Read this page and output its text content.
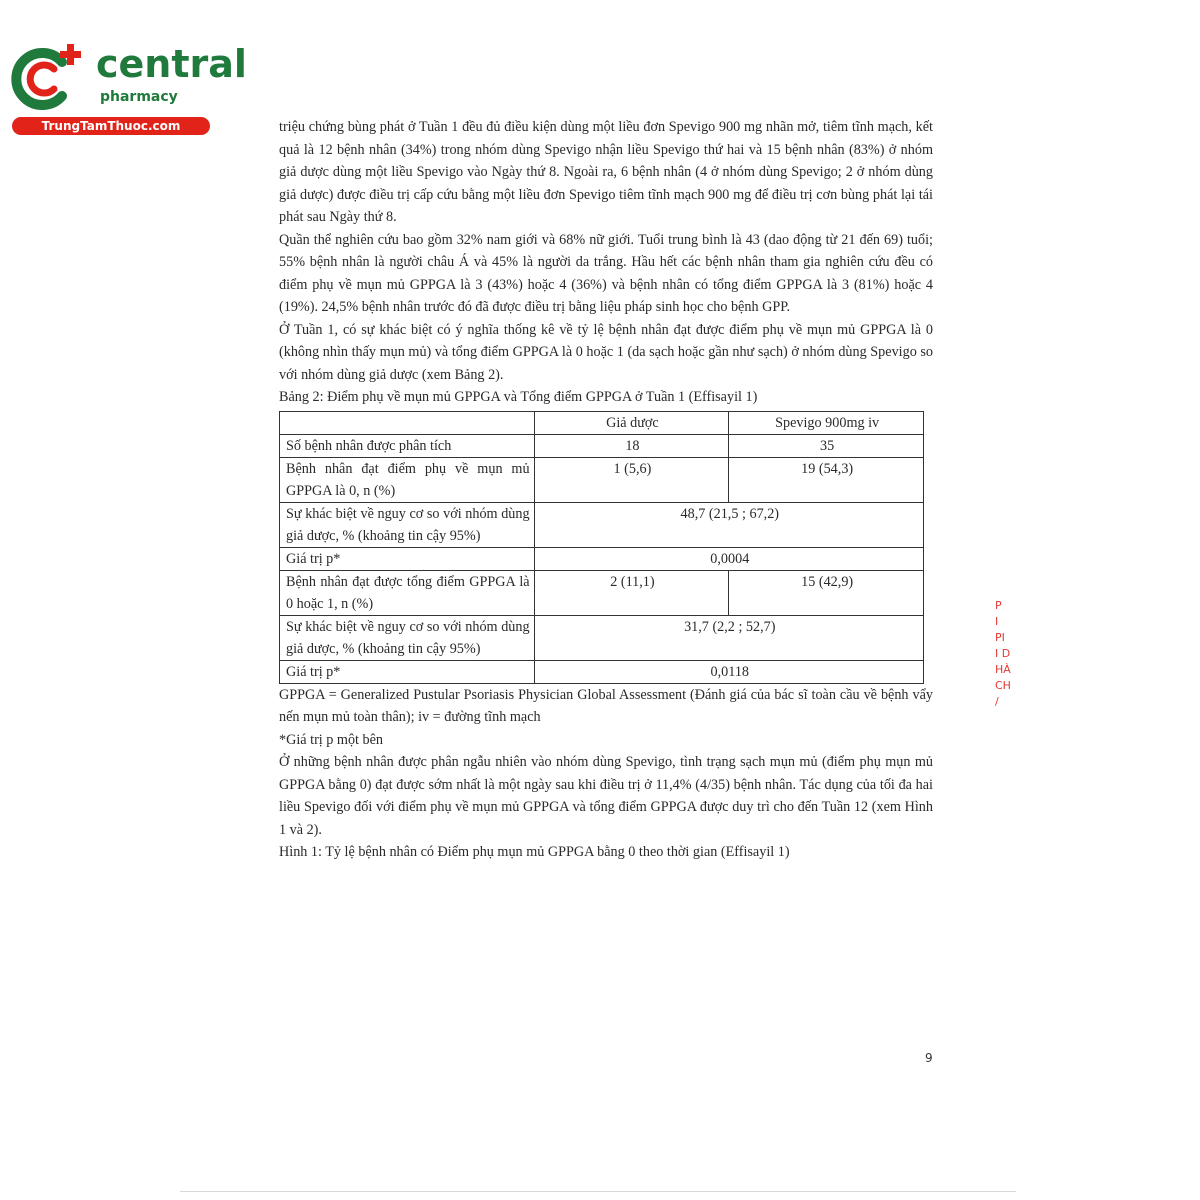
central
pharmacy
TrungTamThuoc.com	triệu chứng bùng phát ở Tuần 1 đều đủ điều kiện dùng một liều đơn Spevigo 900 mg nhãn mở, tiêm tĩnh mạch, kết quả là 12 bệnh nhân (34%) trong nhóm dùng Spevigo nhận liều Spevigo thứ hai và 15 bệnh nhân (83%) ở nhóm giả dược dùng một liều Spevigo vào Ngày thứ 8. Ngoài ra, 6 bệnh nhân (4 ở nhóm dùng Spevigo; 2 ở nhóm dùng giả dược) được điều trị cấp cứu bằng một liều đơn Spevigo tiêm tĩnh mạch 900 mg để điều trị cơn bùng phát lại tái phát sau Ngày thứ 8.

Quần thể nghiên cứu bao gồm 32% nam giới và 68% nữ giới. Tuổi trung bình là 43 (dao động từ 21 đến 69) tuổi; 55% bệnh nhân là người châu Á và 45% là người da trắng. Hầu hết các bệnh nhân tham gia nghiên cứu đều có điểm phụ về mụn mủ GPPGA là 3 (43%) hoặc 4 (36%) và bệnh nhân có tổng điểm GPPGA là 3 (81%) hoặc 4 (19%). 24,5% bệnh nhân trước đó đã được điều trị bằng liệu pháp sinh học cho bệnh GPP.

Ở Tuần 1, có sự khác biệt có ý nghĩa thống kê về tỷ lệ bệnh nhân đạt được điểm phụ về mụn mủ GPPGA là 0 (không nhìn thấy mụn mủ) và tổng điểm GPPGA là 0 hoặc 1 (da sạch hoặc gần như sạch) ở nhóm dùng Spevigo so với nhóm dùng giả dược (xem Bảng 2).

Bảng 2: Điểm phụ về mụn mủ GPPGA và Tổng điểm GPPGA ở Tuần 1 (Effisayil 1)

	Giả dược	Spevigo 900mg iv
Số bệnh nhân được phân tích	18	35
Bệnh nhân đạt điểm phụ về mụn mủ GPPGA là 0, n (%)	1 (5,6)	19 (54,3)
Sự khác biệt về nguy cơ so với nhóm dùng giả dược, % (khoảng tin cậy 95%)	48,7 (21,5 ; 67,2)	
Giá trị p*	0,0004	
Bệnh nhân đạt được tổng điểm GPPGA là 0 hoặc 1, n (%)	2 (11,1)	15 (42,9)
Sự khác biệt về nguy cơ so với nhóm dùng giả dược, % (khoảng tin cậy 95%)	31,7 (2,2 ; 52,7)	
Giá trị p*	0,0118	

GPPGA = Generalized Pustular Psoriasis Physician Global Assessment (Đánh giá của bác sĩ toàn cầu về bệnh vẩy nến mụn mủ toàn thân); iv = đường tĩnh mạch

*Giá trị p một bên

Ở những bệnh nhân được phân ngẫu nhiên vào nhóm dùng Spevigo, tình trạng sạch mụn mủ (điểm phụ mụn mủ GPPGA bằng 0) đạt được sớm nhất là một ngày sau khi điều trị ở 11,4% (4/35) bệnh nhân. Tác dụng của tối đa hai liều Spevigo đối với điểm phụ về mụn mủ GPPGA và tổng điểm GPPGA được duy trì cho đến Tuần 12 (xem Hình 1 và 2).

Hình 1: Tỷ lệ bệnh nhân có Điểm phụ mụn mủ GPPGA bằng 0 theo thời gian (Effisayil 1)

P
I
PI
I D
HÀ
CH
/
9
